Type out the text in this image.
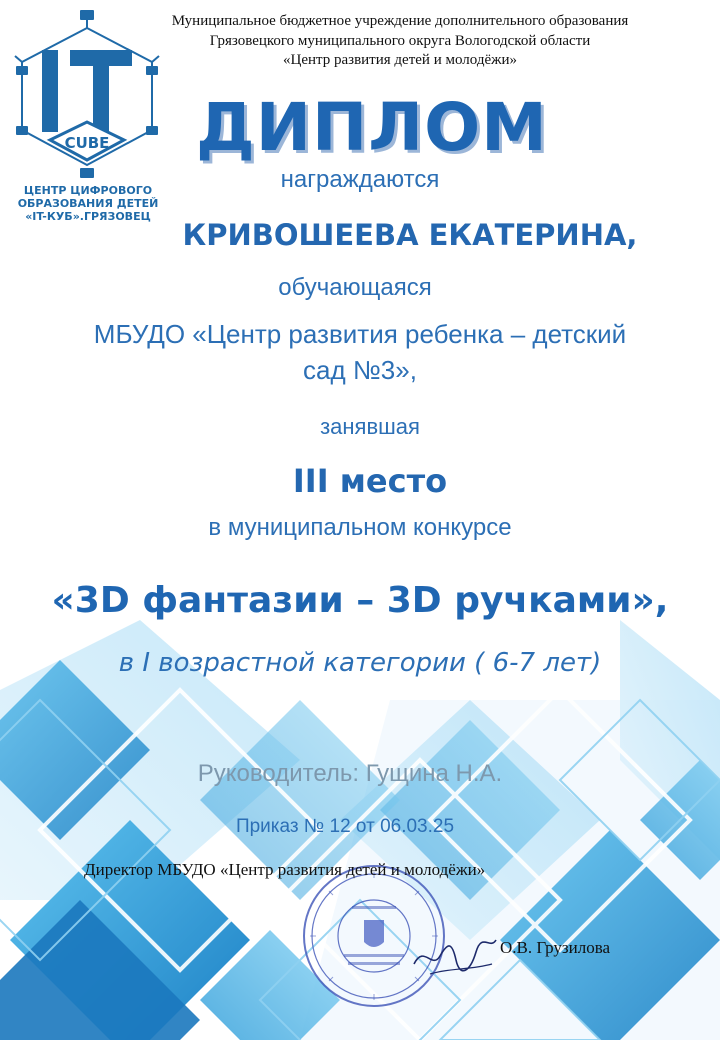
CUBE
ЦЕНТР ЦИФРОВОГО
ОБРАЗОВАНИЯ ДЕТЕЙ
«IT-КУБ».ГРЯЗОВЕЦ
Муниципальное бюджетное учреждение дополнительного образования
Грязовецкого муниципального округа Вологодской области
«Центр развития детей и молодёжи»
ДИПЛОМ
награждаются
КРИВОШЕЕВА ЕКАТЕРИНА,
обучающаяся
МБУДО «Центр развития ребенка – детский
сад №3»,
занявшая
III место
в муниципальном конкурсе
«3D фантазии – 3D ручками»,
в I возрастной категории ( 6-7 лет)
Руководитель: Гущина Н.А.
Приказ № 12 от 06.03.25
Директор МБУДО «Центр развития детей и молодёжи»
О.В. Грузилова
